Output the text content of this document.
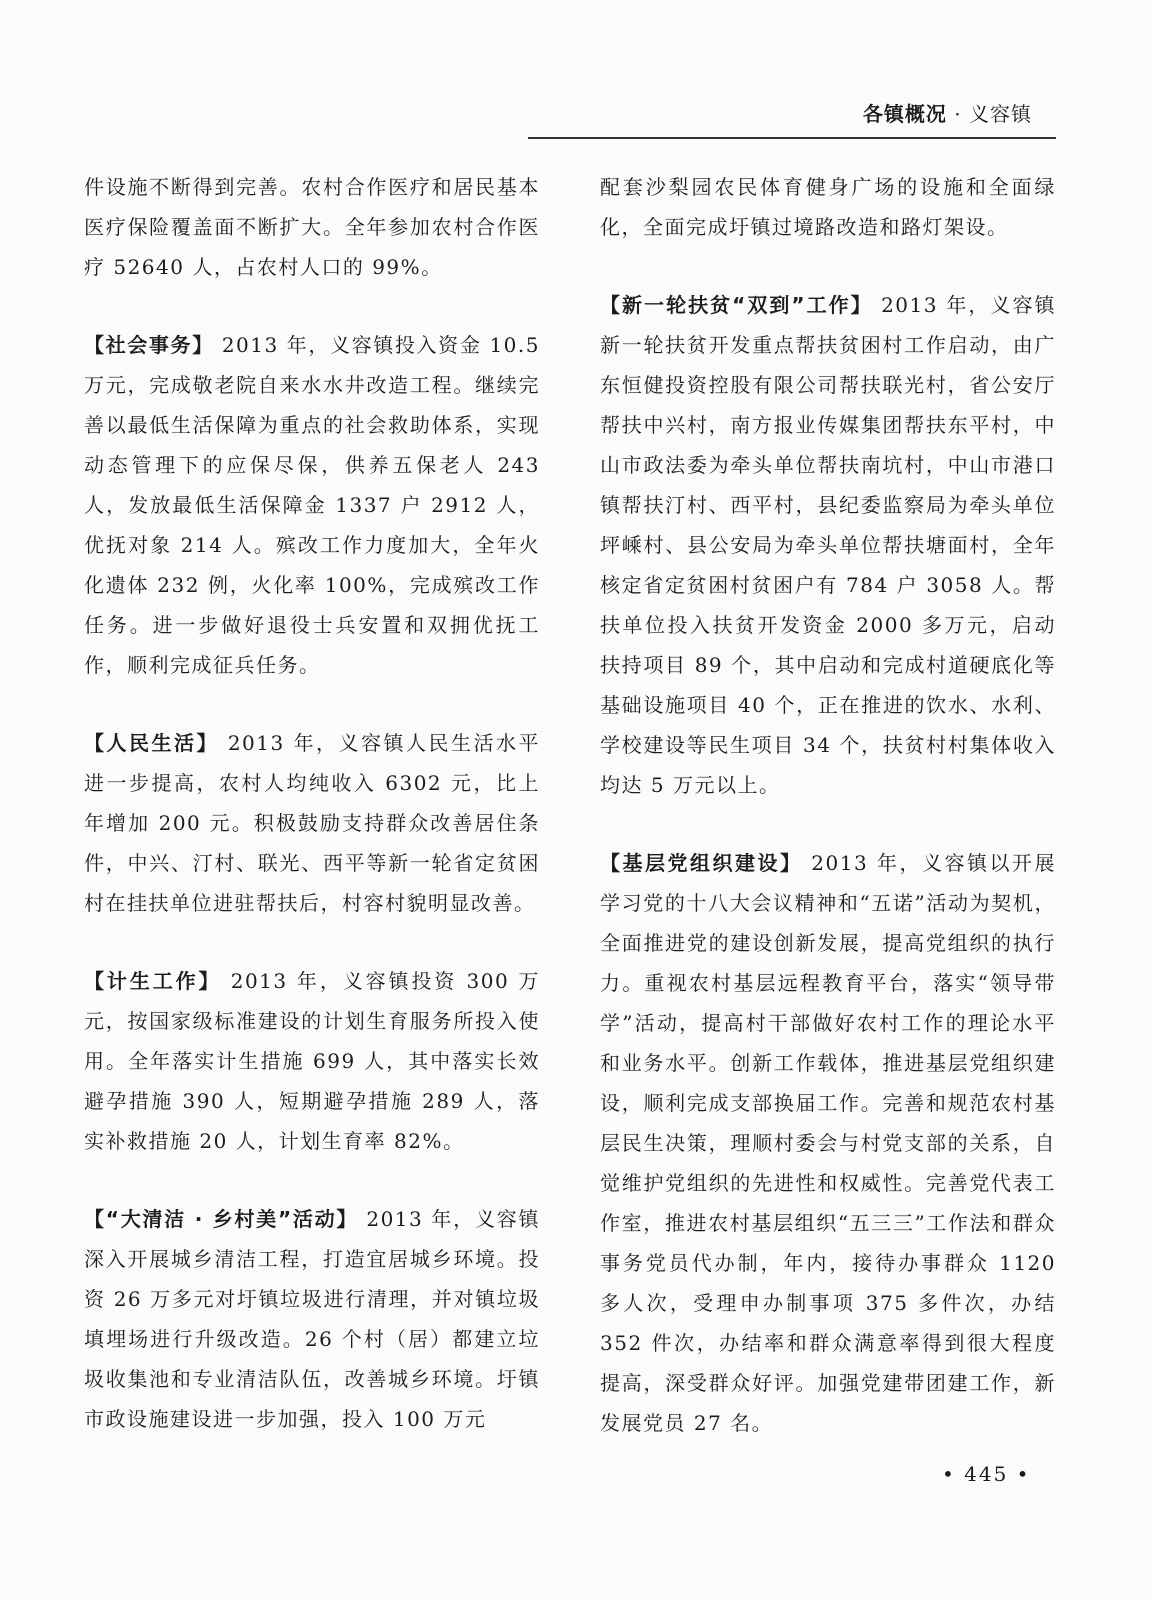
各镇概况 · 义容镇

件设施不断得到完善。农村合作医疗和居民基本医疗保险覆盖面不断扩大。全年参加农村合作医疗 52640 人，占农村人口的 99%。

【社会事务】 2013 年，义容镇投入资金 10.5 万元，完成敬老院自来水水井改造工程。继续完善以最低生活保障为重点的社会救助体系，实现动态管理下的应保尽保，供养五保老人 243 人，发放最低生活保障金 1337 户 2912 人，优抚对象 214 人。殡改工作力度加大，全年火化遗体 232 例，火化率 100%，完成殡改工作任务。进一步做好退役士兵安置和双拥优抚工作，顺利完成征兵任务。

【人民生活】 2013 年，义容镇人民生活水平进一步提高，农村人均纯收入 6302 元，比上年增加 200 元。积极鼓励支持群众改善居住条件，中兴、汀村、联光、西平等新一轮省定贫困村在挂扶单位进驻帮扶后，村容村貌明显改善。

【计生工作】 2013 年，义容镇投资 300 万元，按国家级标准建设的计划生育服务所投入使用。全年落实计生措施 699 人，其中落实长效避孕措施 390 人，短期避孕措施 289 人，落实补救措施 20 人，计划生育率 82%。

【“大清洁 · 乡村美”活动】 2013 年，义容镇深入开展城乡清洁工程，打造宜居城乡环境。投资 26 万多元对圩镇垃圾进行清理，并对镇垃圾填埋场进行升级改造。26 个村（居）都建立垃圾收集池和专业清洁队伍，改善城乡环境。圩镇市政设施建设进一步加强，投入 100 万元

配套沙梨园农民体育健身广场的设施和全面绿化，全面完成圩镇过境路改造和路灯架设。

【新一轮扶贫“双到”工作】 2013 年，义容镇新一轮扶贫开发重点帮扶贫困村工作启动，由广东恒健投资控股有限公司帮扶联光村，省公安厅帮扶中兴村，南方报业传媒集团帮扶东平村，中山市政法委为牵头单位帮扶南坑村，中山市港口镇帮扶汀村、西平村，县纪委监察局为牵头单位坪嵊村、县公安局为牵头单位帮扶塘面村，全年核定省定贫困村贫困户有 784 户 3058 人。帮扶单位投入扶贫开发资金 2000 多万元，启动扶持项目 89 个，其中启动和完成村道硬底化等基础设施项目 40 个，正在推进的饮水、水利、学校建设等民生项目 34 个，扶贫村村集体收入均达 5 万元以上。

【基层党组织建设】 2013 年，义容镇以开展学习党的十八大会议精神和“五诺”活动为契机，全面推进党的建设创新发展，提高党组织的执行力。重视农村基层远程教育平台，落实“领导带学”活动，提高村干部做好农村工作的理论水平和业务水平。创新工作载体，推进基层党组织建设，顺利完成支部换届工作。完善和规范农村基层民生决策，理顺村委会与村党支部的关系，自觉维护党组织的先进性和权威性。完善党代表工作室，推进农村基层组织“五三三”工作法和群众事务党员代办制，年内，接待办事群众 1120 多人次，受理申办制事项 375 多件次，办结 352 件次，办结率和群众满意率得到很大程度提高，深受群众好评。加强党建带团建工作，新发展党员 27 名。

• 445 •
